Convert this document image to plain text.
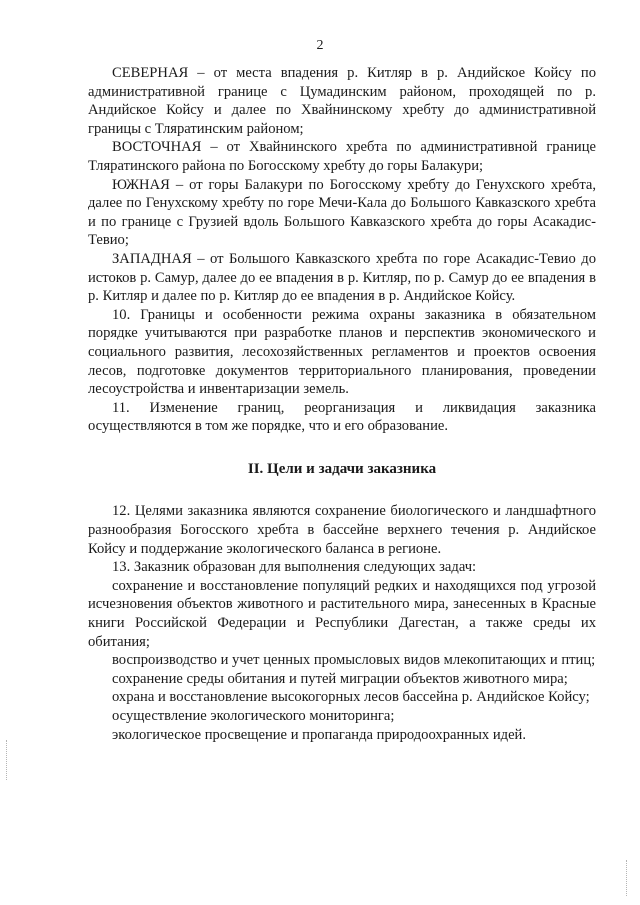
2

СЕВЕРНАЯ – от места впадения р. Китляр в р. Андийское Койсу по административной границе с Цумадинским районом, проходящей по р. Андийское Койсу и далее по Хвайнинскому хребту до административной границы с Тляратинским районом;

ВОСТОЧНАЯ – от Хвайнинского хребта по административной границе Тляратинского района по Богосскому хребту до горы Балакури;

ЮЖНАЯ – от горы Балакури по Богосскому хребту до Генухского хребта, далее по Генухскому хребту по горе Мечи-Кала до Большого Кавказского хребта и по границе с Грузией вдоль Большого Кавказского хребта до горы Асакадис-Тевио;

ЗАПАДНАЯ – от Большого Кавказского хребта по горе Асакадис-Тевио до истоков р. Самур, далее до ее впадения в р. Китляр, по р. Самур до ее впадения в р. Китляр и далее по р. Китляр до ее впадения в р. Андийское Койсу.

10. Границы и особенности режима охраны заказника в обязательном порядке учитываются при разработке планов и перспектив экономического и социального развития, лесохозяйственных регламентов и проектов освоения лесов, подготовке документов территориального планирования, проведении лесоустройства и инвентаризации земель.

11. Изменение границ, реорганизация и ликвидация заказника осуществляются в том же порядке, что и его образование.

II. Цели и задачи заказника

12. Целями заказника являются сохранение биологического и ландшафтного разнообразия Богосского хребта в бассейне верхнего течения р. Андийское Койсу и поддержание экологического баланса в регионе.

13. Заказник образован для выполнения следующих задач:

сохранение и восстановление популяций редких и находящихся под угрозой исчезновения объектов животного и растительного мира, занесенных в Красные книги Российской Федерации и Республики Дагестан, а также среды их обитания;

воспроизводство и учет ценных промысловых видов млекопитающих и птиц;

сохранение среды обитания и путей миграции объектов животного мира;

охрана и восстановление высокогорных лесов бассейна р. Андийское Койсу;

осуществление экологического мониторинга;

экологическое просвещение и пропаганда природоохранных идей.
